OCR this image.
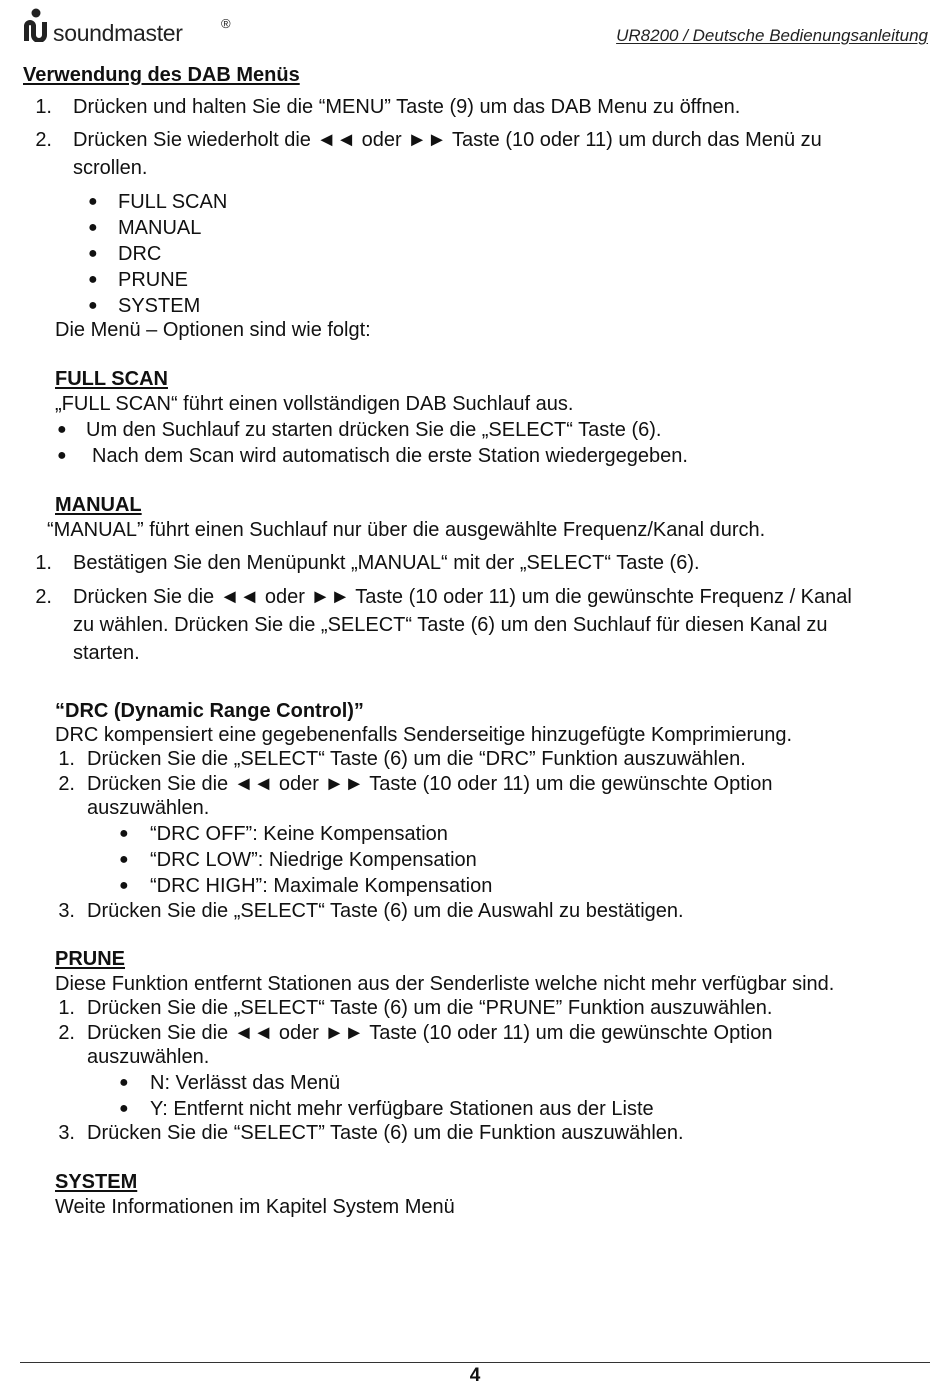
soundmaster	®
UR8200 / Deutsche Bedienungsanleitung
Verwendung des DAB Menüs
1. Drücken und halten Sie die “MENU” Taste (9) um das DAB Menu zu öffnen.
2. Drücken Sie wiederholt die ◄◄ oder ►► Taste (10 oder 11) um durch das Menü zu
scrollen.
● FULL SCAN
● MANUAL
● DRC
● PRUNE
● SYSTEM
Die Menü – Optionen sind wie folgt:
FULL SCAN
„FULL SCAN“ führt einen vollständigen DAB Suchlauf aus.
● Um den Suchlauf zu starten drücken Sie die „SELECT“ Taste (6).
● Nach dem Scan wird automatisch die erste Station wiedergegeben.
MANUAL
“MANUAL” führt einen Suchlauf nur über die ausgewählte Frequenz/Kanal durch.
1. Bestätigen Sie den Menüpunkt „MANUAL“ mit der „SELECT“ Taste (6).
2. Drücken Sie die ◄◄ oder ►► Taste (10 oder 11) um die gewünschte Frequenz / Kanal
zu wählen. Drücken Sie die „SELECT“ Taste (6) um den Suchlauf für diesen Kanal zu
starten.
“DRC (Dynamic Range Control)”
DRC kompensiert eine gegebenenfalls Senderseitige hinzugefügte Komprimierung.
1. Drücken Sie die „SELECT“ Taste (6) um die “DRC” Funktion auszuwählen.
2. Drücken Sie die ◄◄ oder ►► Taste (10 oder 11) um die gewünschte Option
auszuwählen.
● “DRC OFF”: Keine Kompensation
● “DRC LOW”: Niedrige Kompensation
● “DRC HIGH”: Maximale Kompensation
3. Drücken Sie die „SELECT“ Taste (6) um die Auswahl zu bestätigen.
PRUNE
Diese Funktion entfernt Stationen aus der Senderliste welche nicht mehr verfügbar sind.
1. Drücken Sie die „SELECT“ Taste (6) um die “PRUNE” Funktion auszuwählen.
2. Drücken Sie die ◄◄ oder ►► Taste (10 oder 11) um die gewünschte Option
auszuwählen.
● N: Verlässt das Menü
● Y: Entfernt nicht mehr verfügbare Stationen aus der Liste
3. Drücken Sie die “SELECT” Taste (6) um die Funktion auszuwählen.
SYSTEM
Weite Informationen im Kapitel System Menü
4
